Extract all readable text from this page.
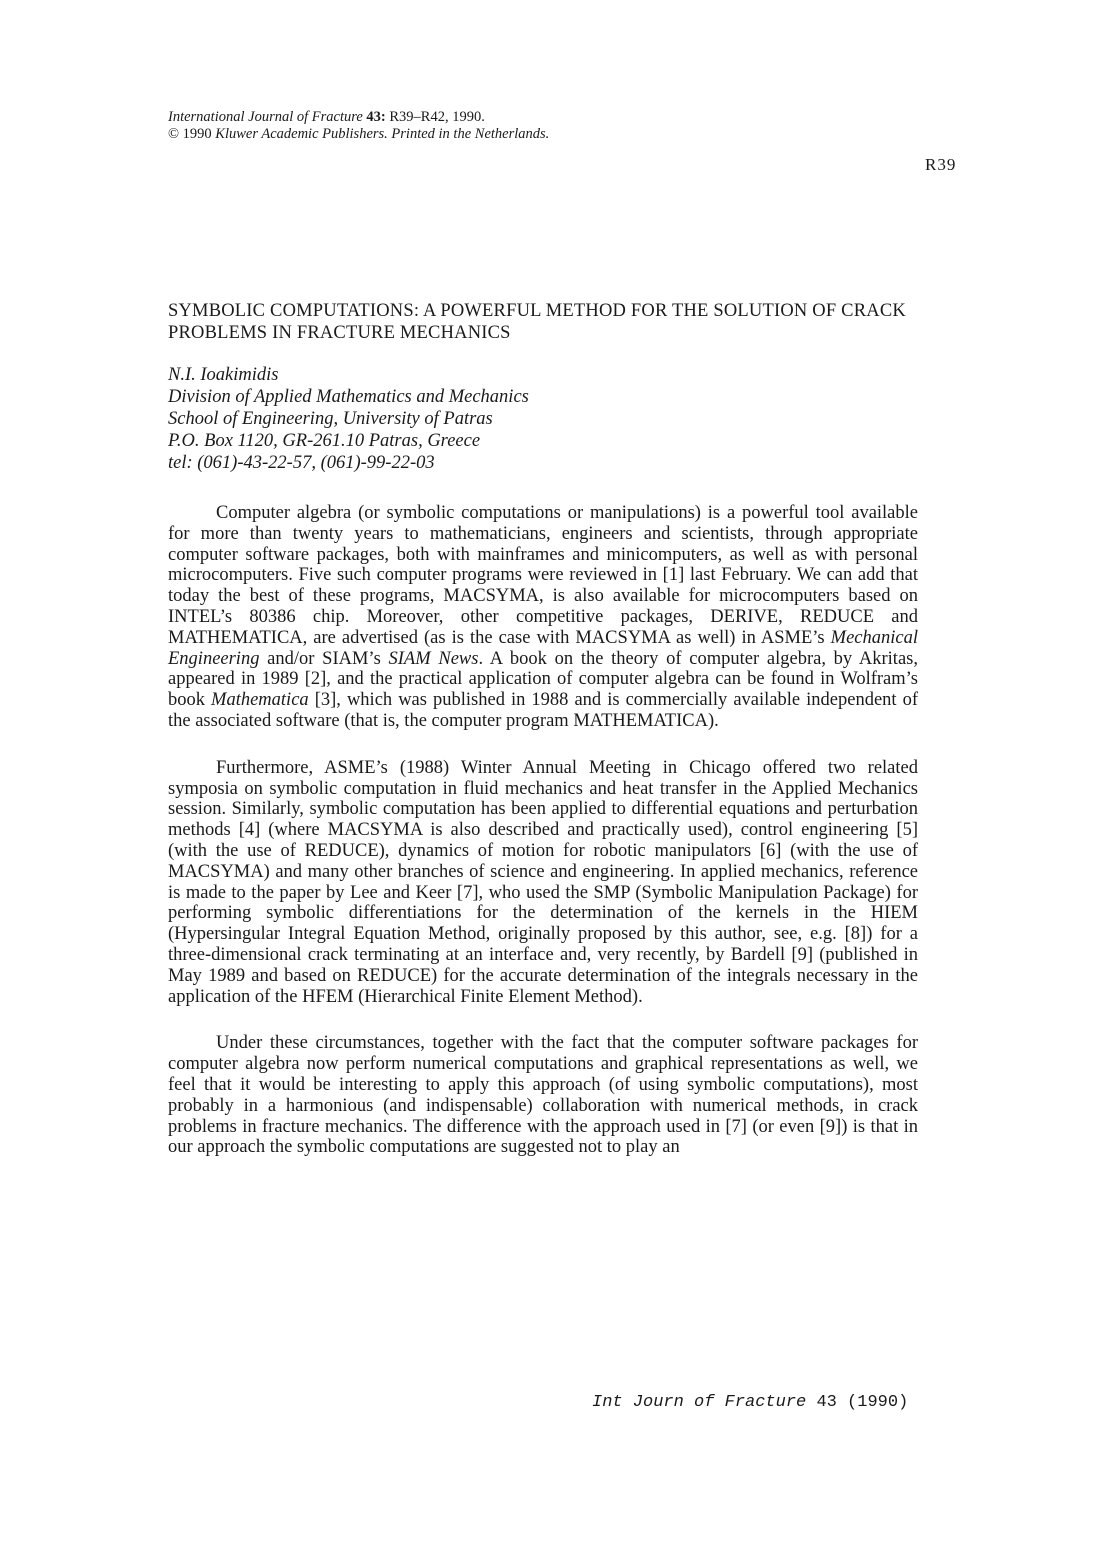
International Journal of Fracture 43: R39–R42, 1990.
© 1990 Kluwer Academic Publishers. Printed in the Netherlands.
R39
SYMBOLIC COMPUTATIONS: A POWERFUL METHOD FOR THE SOLUTION OF CRACK PROBLEMS IN FRACTURE MECHANICS
N.I. Ioakimidis
Division of Applied Mathematics and Mechanics
School of Engineering, University of Patras
P.O. Box 1120, GR-261.10 Patras, Greece
tel: (061)-43-22-57, (061)-99-22-03

Computer algebra (or symbolic computations or manipulations) is a powerful tool available for more than twenty years to mathematicians, engineers and scientists, through appropriate computer software packages, both with mainframes and minicomputers, as well as with personal microcomputers. Five such computer programs were reviewed in [1] last February. We can add that today the best of these programs, MACSYMA, is also available for microcomputers based on INTEL’s 80386 chip. Moreover, other competitive packages, DERIVE, REDUCE and MATHEMATICA, are advertised (as is the case with MACSYMA as well) in ASME’s Mechanical Engineering and/or SIAM’s SIAM News. A book on the theory of computer algebra, by Akritas, appeared in 1989 [2], and the practical application of computer algebra can be found in Wolfram’s book Mathematica [3], which was published in 1988 and is commercially available independent of the associated software (that is, the computer program MATHEMATICA).

Furthermore, ASME’s (1988) Winter Annual Meeting in Chicago offered two related symposia on symbolic computation in fluid mechanics and heat transfer in the Applied Mechanics session. Similarly, symbolic computation has been applied to differential equations and perturbation methods [4] (where MACSYMA is also described and practically used), control engineering [5] (with the use of REDUCE), dynamics of motion for robotic manipulators [6] (with the use of MACSYMA) and many other branches of science and engineering. In applied mechanics, reference is made to the paper by Lee and Keer [7], who used the SMP (Symbolic Manipulation Package) for performing symbolic differentiations for the determination of the kernels in the HIEM (Hypersingular Integral Equation Method, originally proposed by this author, see, e.g. [8]) for a three-dimensional crack terminating at an interface and, very recently, by Bardell [9] (published in May 1989 and based on REDUCE) for the accurate determination of the integrals necessary in the application of the HFEM (Hierarchical Finite Element Method).

Under these circumstances, together with the fact that the computer software packages for computer algebra now perform numerical computations and graphical representations as well, we feel that it would be interesting to apply this approach (of using symbolic computations), most probably in a harmonious (and indispensable) collaboration with numerical methods, in crack problems in fracture mechanics. The difference with the approach used in [7] (or even [9]) is that in our approach the symbolic computations are suggested not to play an

Int Journ of Fracture 43 (1990)
